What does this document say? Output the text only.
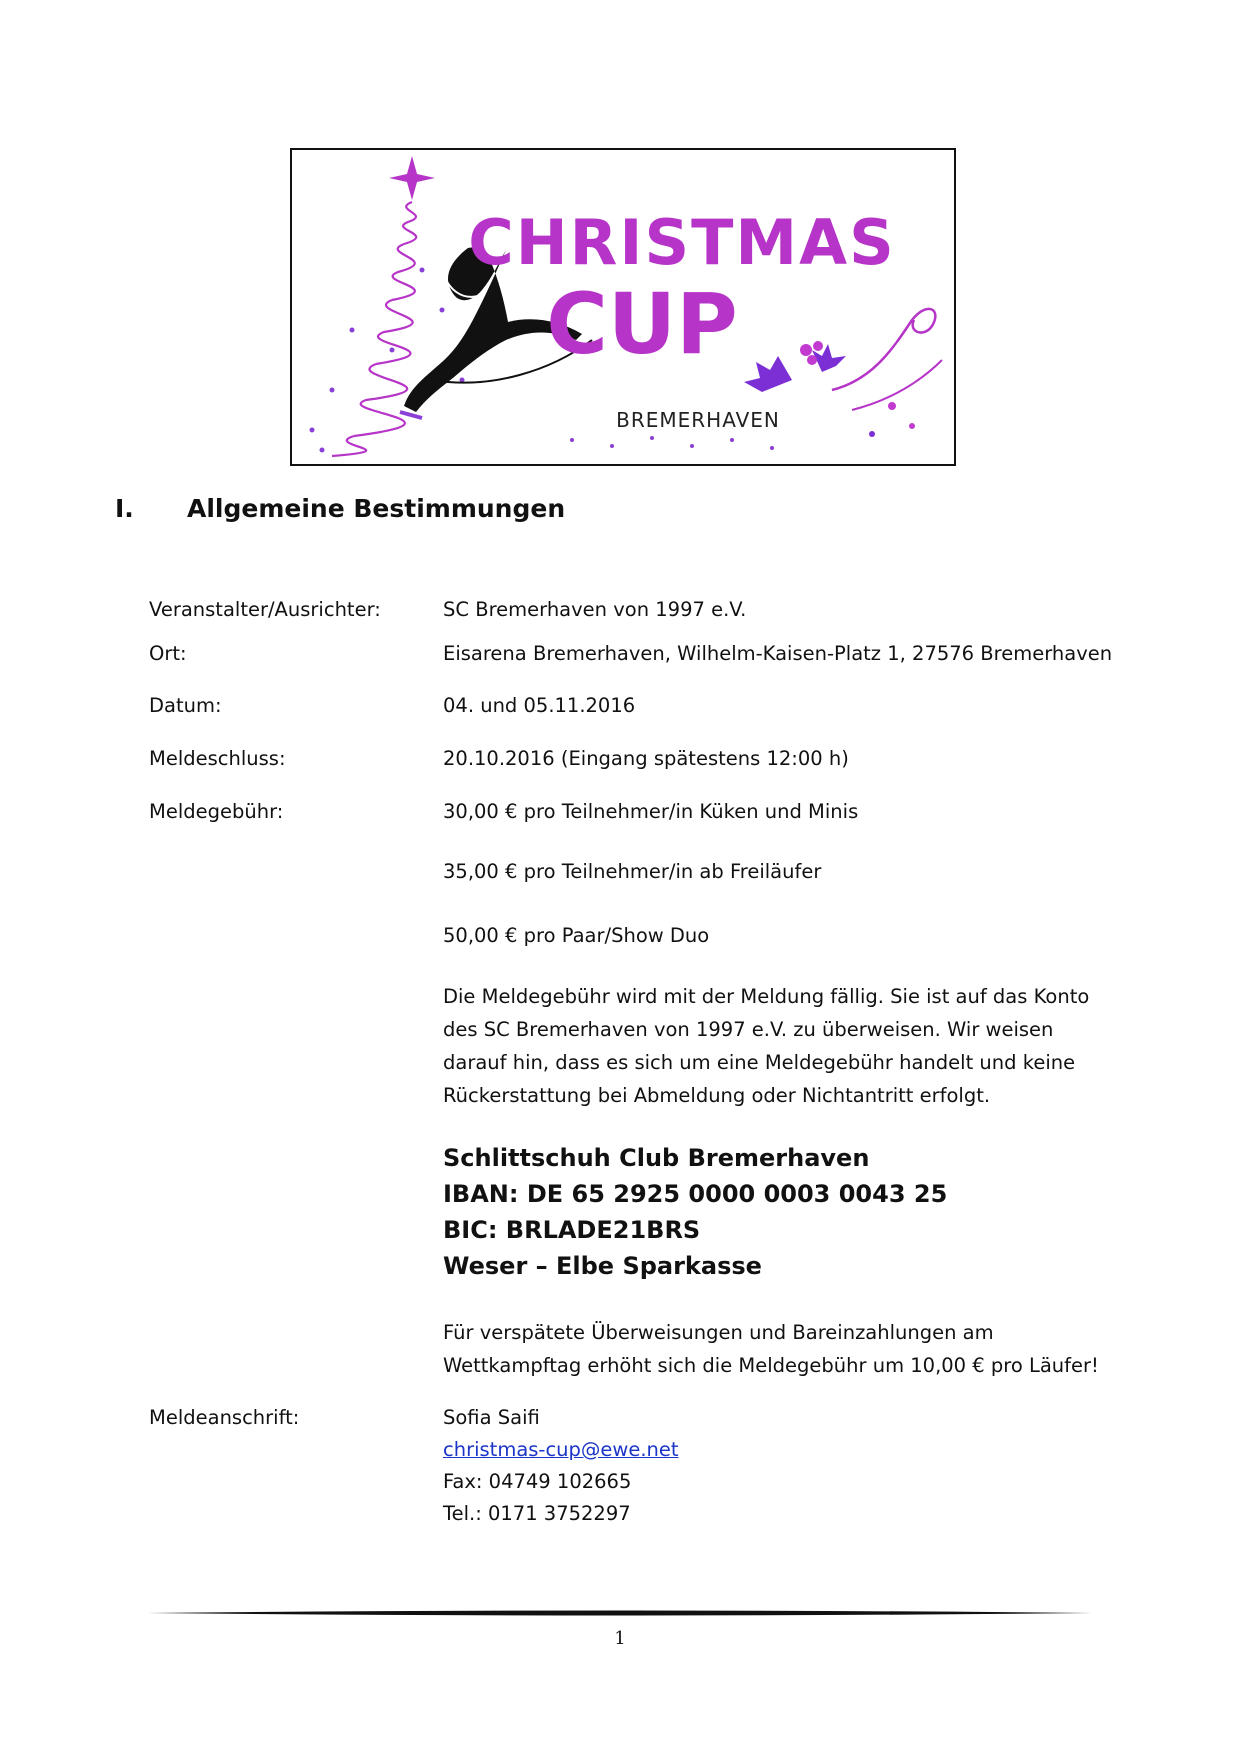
CHRISTMAS
CUP
BREMERHAVEN
I. Allgemeine Bestimmungen
Veranstalter/Ausrichter:	SC Bremerhaven von 1997 e.V.
Ort:	Eisarena Bremerhaven, Wilhelm-Kaisen-Platz 1, 27576 Bremerhaven
Datum:	04. und 05.11.2016
Meldeschluss:	20.10.2016 (Eingang spätestens 12:00 h)
Meldegebühr:	30,00 € pro Teilnehmer/in Küken und Minis
35,00 € pro Teilnehmer/in ab Freiläufer
50,00 € pro Paar/Show Duo
Die Meldegebühr wird mit der Meldung fällig. Sie ist auf das Konto des SC Bremerhaven von 1997 e.V. zu überweisen. Wir weisen darauf hin, dass es sich um eine Meldegebühr handelt und keine Rückerstattung bei Abmeldung oder Nichtantritt erfolgt.
Schlittschuh Club Bremerhaven
IBAN: DE 65 2925 0000 0003 0043 25
BIC: BRLADE21BRS
Weser – Elbe Sparkasse
Für verspätete Überweisungen und Bareinzahlungen am Wettkampftag erhöht sich die Meldegebühr um 10,00 € pro Läufer!
Meldeanschrift:	Sofia Saifi
christmas-cup@ewe.net
Fax: 04749 102665
Tel.: 0171 3752297
1
